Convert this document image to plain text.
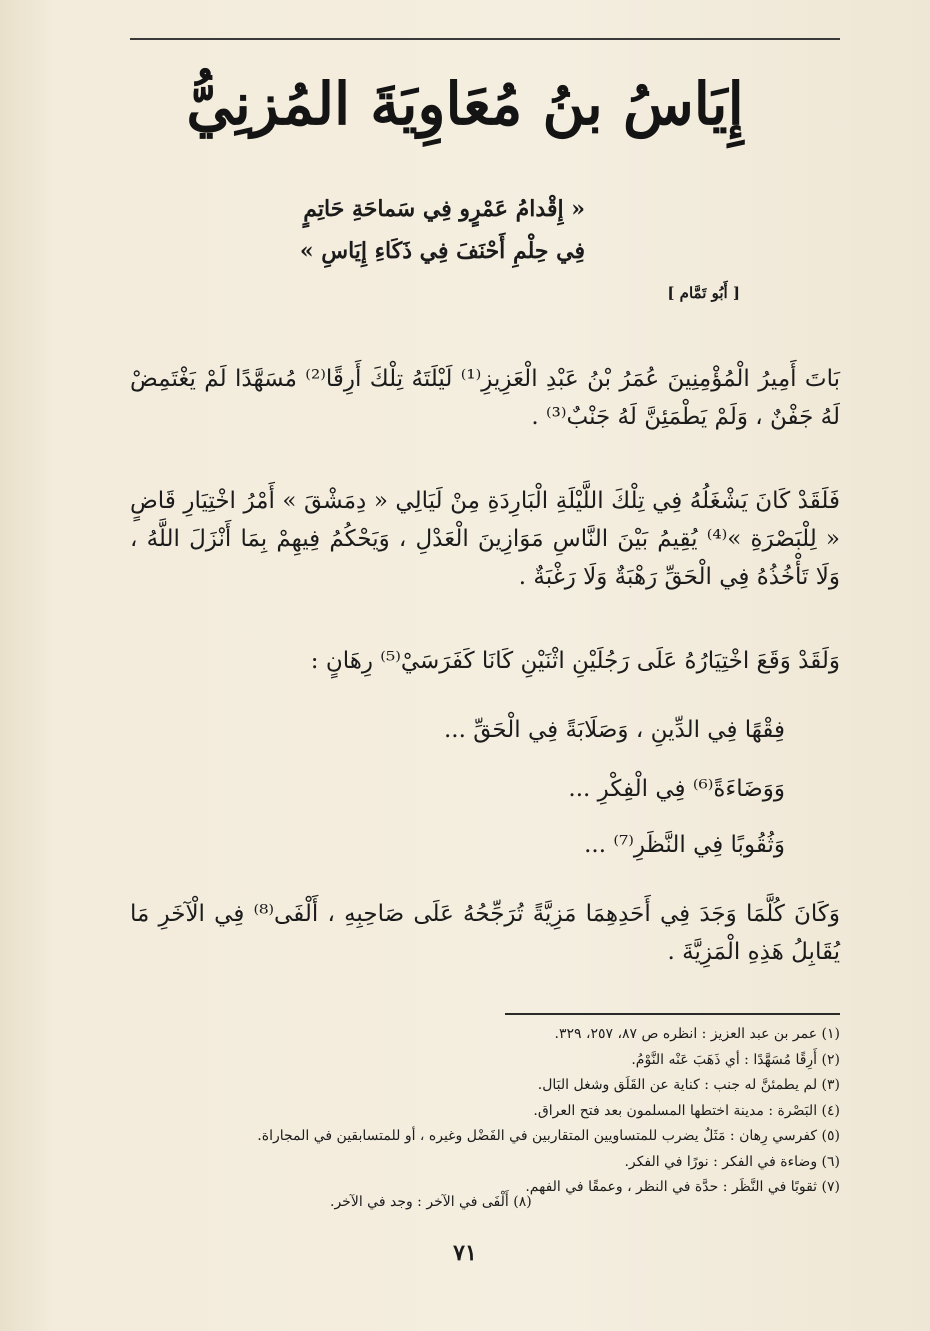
إِيَاسُ بنُ مُعَاوِيَةَ المُزنِيُّ
« إِقْدامُ عَمْرٍو فِي سَماحَةِ حَاتِمٍ
فِي حِلْمِ أَحْنَفَ فِي ذَكَاءِ إِيَاسِ »
[ أَبُو تَمَّام ]
بَاتَ أَمِيرُ الْمُؤْمِنِينَ عُمَرُ بْنُ عَبْدِ الْعَزِيزِ⁽¹⁾ لَيْلَتَهُ تِلْكَ أَرِقًا⁽²⁾ مُسَهَّدًا لَمْ يَغْتَمِضْ لَهُ جَفْنٌ ، وَلَمْ يَطْمَئِنَّ لَهُ جَنْبٌ⁽³⁾ .
فَلَقَدْ كَانَ يَشْغَلُهُ فِي تِلْكَ اللَّيْلَةِ الْبَارِدَةِ مِنْ لَيَالِي « دِمَشْقَ » أَمْرُ اخْتِيَارِ قَاضٍ « لِلْبَصْرَةِ »⁽⁴⁾ يُقِيمُ بَيْنَ النَّاسِ مَوَازِينَ الْعَدْلِ ، وَيَحْكُمُ فِيهِمْ بِمَا أَنْزَلَ اللَّهُ ، وَلَا تَأْخُذُهُ فِي الْحَقِّ رَهْبَةٌ وَلَا رَغْبَةٌ .
وَلَقَدْ وَقَعَ اخْتِيَارُهُ عَلَى رَجُلَيْنِ اثْنَيْنِ كَانَا كَفَرَسَيْ⁽⁵⁾ رِهَانٍ :
فِقْهًا فِي الدِّينِ ، وَصَلَابَةً فِي الْحَقِّ ...
وَوَضَاءَةً⁽⁶⁾ فِي الْفِكْرِ ...
وَثُقُوبًا فِي النَّظَرِ⁽⁷⁾ ...
وَكَانَ كُلَّمَا وَجَدَ فِي أَحَدِهِمَا مَزِيَّةً تُرَجِّحُهُ عَلَى صَاحِبِهِ ، أَلْفَى⁽⁸⁾ فِي الْآخَرِ مَا يُقَابِلُ هَذِهِ الْمَزِيَّةَ .
(١) عمر بن عبد العزيز : انظره ص ٨٧، ٢٥٧، ٣٢٩.
(٢) أَرِقًا مُسَهَّدًا : أي ذَهَبَ عَنْه النَّوْمُ.
(٣) لم يطمئنَّ له جنب : كناية عن القَلَق وشغل البَال.
(٤) البَصْرة : مدينة اختطها المسلمون بعد فتح العراق.
(٥) كفرسي رِهان : مَثَلٌ يضرب للمتساويين المتقاربين في الفَضْل وغيره ، أو للمتسابقين في المجاراة.
(٦) وضاءة في الفكر : نورًا في الفكر.
(٧) ثقوبًا في النَّظَر : حدَّة في النظر ، وعمقًا في الفهم.
(٨) أَلْفَى في الآخر : وجد في الآخر.
٧١
